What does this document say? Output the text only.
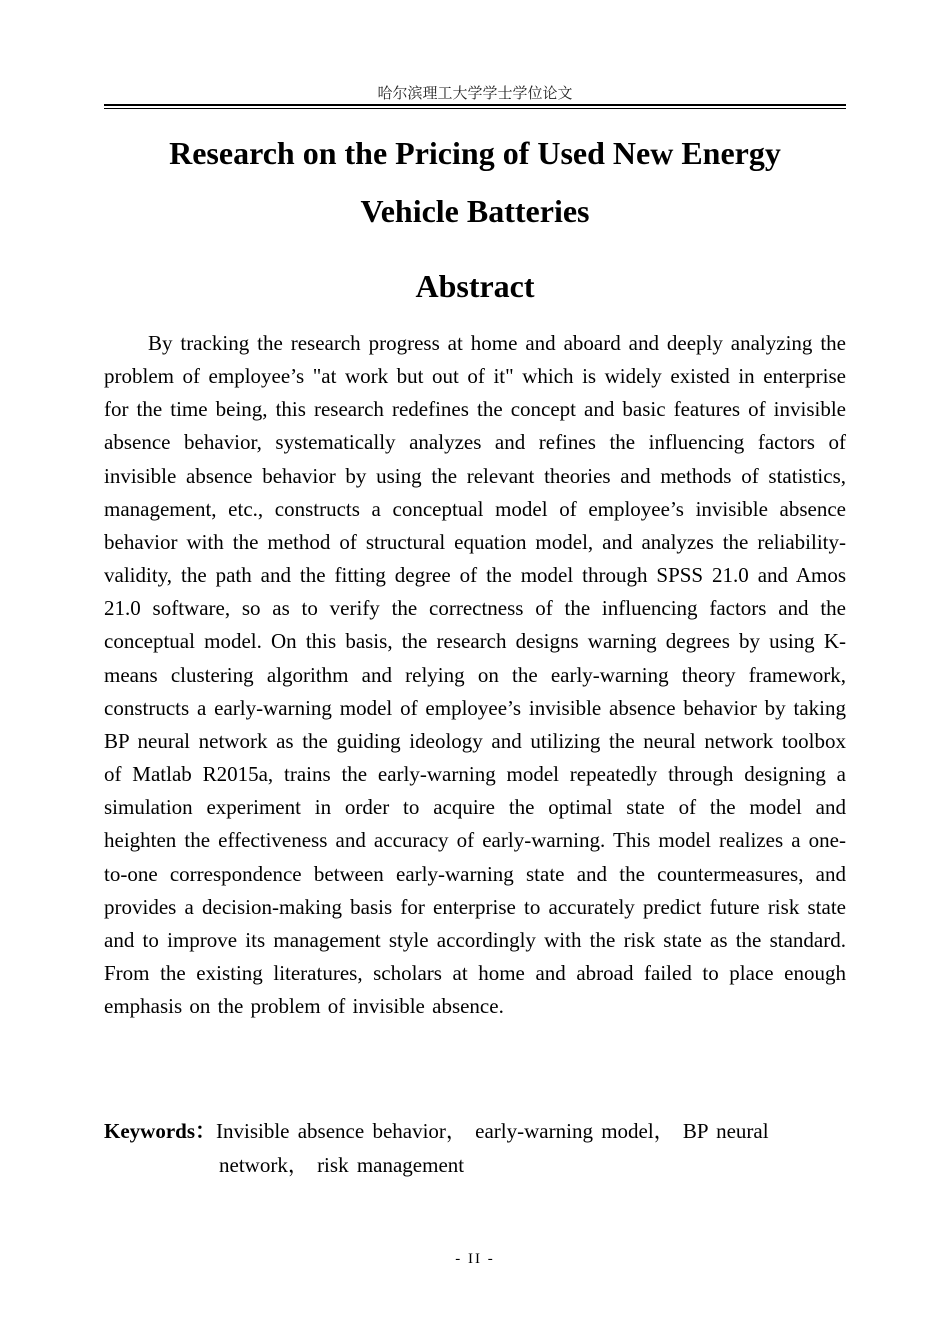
哈尔滨理工大学学士学位论文
Research on the Pricing of Used New Energy
Vehicle Batteries
Abstract

By tracking the research progress at home and aboard and deeply analyzing the problem of employee’s "at work but out of it" which is widely existed in enterprise for the time being, this research redefines the concept and basic features of invisible absence behavior, systematically analyzes and refines the influencing factors of invisible absence behavior by using the relevant theories and methods of statistics, management, etc., constructs a conceptual model of employee’s invisible absence behavior with the method of structural equation model, and analyzes the reliability-validity, the path and the fitting degree of the model through SPSS 21.0 and Amos 21.0 software, so as to verify the correctness of the influencing factors and the conceptual model. On this basis, the research designs warning degrees by using K-means clustering algorithm and relying on the early-warning theory framework, constructs a early-warning model of employee’s invisible absence behavior by taking BP neural network as the guiding ideology and utilizing the neural network toolbox of Matlab R2015a, trains the early-warning model repeatedly through designing a simulation experiment in order to acquire the optimal state of the model and heighten the effectiveness and accuracy of early-warning. This model realizes a one-to-one correspondence between early-warning state and the countermeasures, and provides a decision-making basis for enterprise to accurately predict future risk state and to improve its management style accordingly with the risk state as the standard. From the existing literatures, scholars at home and abroad failed to place enough emphasis on the problem of invisible absence.

Keywords：Invisible absence behavior， early-warning model， BP neural network， risk management
- II -
